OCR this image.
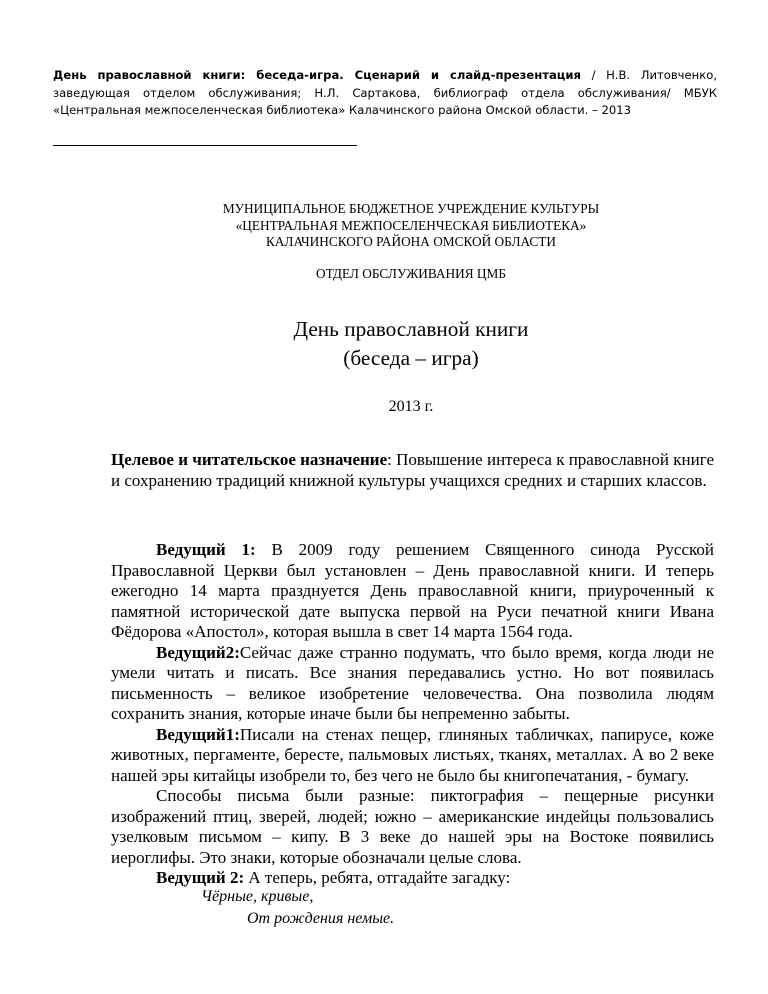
День православной книги: беседа-игра. Сценарий и слайд-презентация / Н.В. Литовченко, заведующая отделом обслуживания; Н.Л. Сартакова, библиограф отдела обслуживания/ МБУК «Центральная межпоселенческая библиотека» Калачинского района Омской области. – 2013
МУНИЦИПАЛЬНОЕ БЮДЖЕТНОЕ УЧРЕЖДЕНИЕ КУЛЬТУРЫ
«ЦЕНТРАЛЬНАЯ МЕЖПОСЕЛЕНЧЕСКАЯ БИБЛИОТЕКА»
КАЛАЧИНСКОГО РАЙОНА ОМСКОЙ ОБЛАСТИ
ОТДЕЛ ОБСЛУЖИВАНИЯ ЦМБ
День православной книги
(беседа – игра)
2013 г.
Целевое и читательское назначение: Повышение интереса к православной книге и сохранению традиций книжной культуры учащихся средних и старших классов.

Ведущий 1: В 2009 году решением Священного синода Русской Православной Церкви был установлен – День православной книги. И теперь ежегодно 14 марта празднуется День православной книги, приуроченный к памятной исторической дате выпуска первой на Руси печатной книги Ивана Фёдорова «Апостол», которая вышла в свет 14 марта 1564 года.

Ведущий2:Сейчас даже странно подумать, что было время, когда люди не умели читать и писать. Все знания передавались устно. Но вот появилась письменность – великое изобретение человечества. Она позволила людям сохранить знания, которые иначе были бы непременно забыты.

Ведущий1:Писали на стенах пещер, глиняных табличках, папирусе, коже животных, пергаменте, бересте, пальмовых листьях, тканях, металлах. А во 2 веке нашей эры китайцы изобрели то, без чего не было бы книгопечатания, - бумагу.

Способы письма были разные: пиктография – пещерные рисунки изображений птиц, зверей, людей; южно – американские индейцы пользовались узелковым письмом – кипу. В 3 веке до нашей эры на Востоке появились иероглифы. Это знаки, которые обозначали целые слова.

Ведущий 2: А теперь, ребята, отгадайте загадку:

Чёрные, кривые,
От рождения немые.
